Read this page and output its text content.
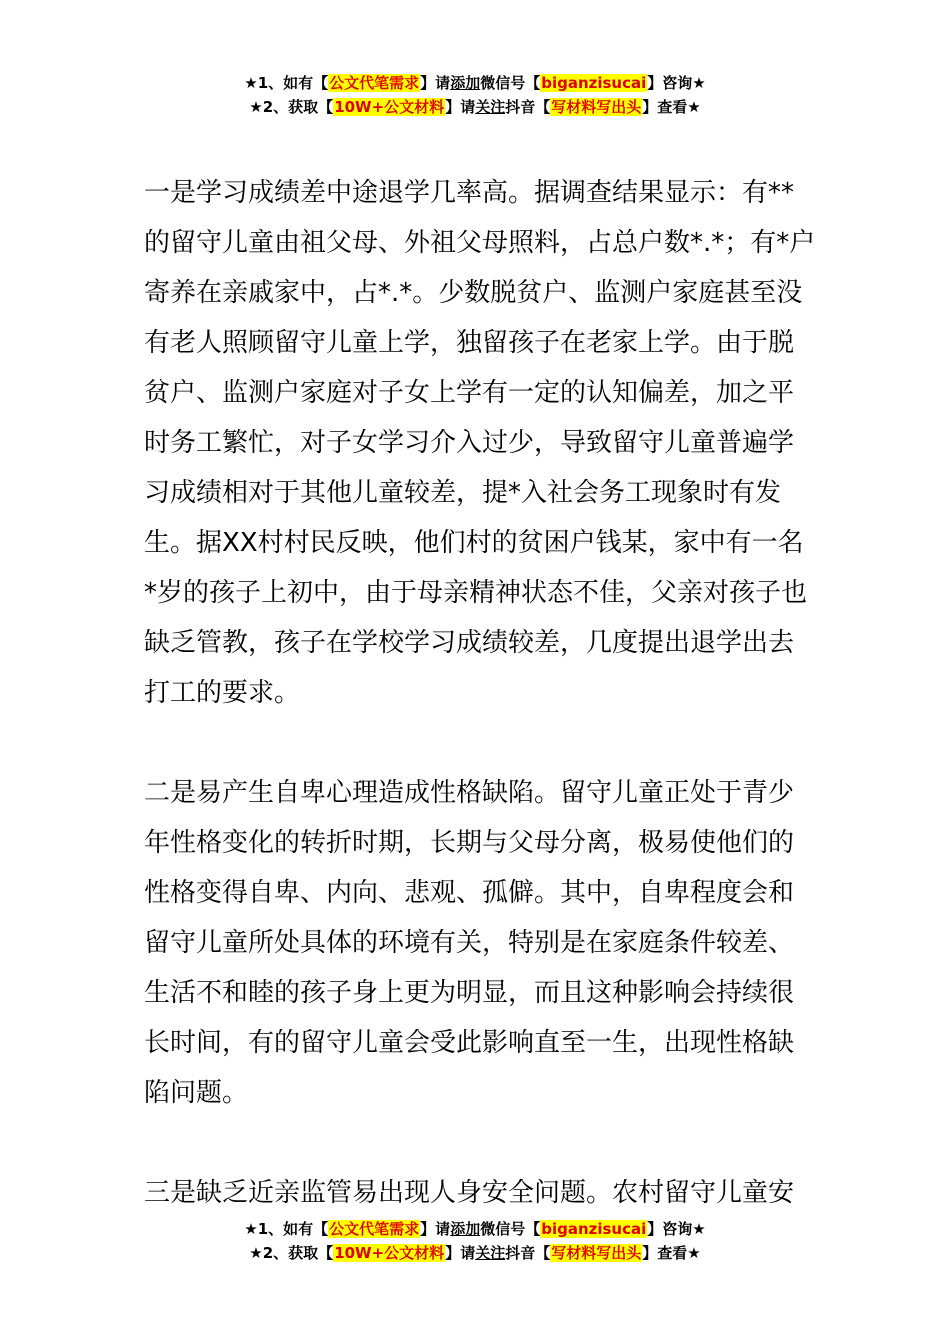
★1、如有【公文代笔需求】请添加微信号【biganzisucai】咨询★
★2、获取【10W+公文材料】请关注抖音【写材料写出头】查看★

一是学习成绩差中途退学几率高。据调查结果显示：有**的留守儿童由祖父母、外祖父母照料，占总户数*.*；有*户寄养在亲戚家中，占*.*。少数脱贫户、监测户家庭甚至没有老人照顾留守儿童上学，独留孩子在老家上学。由于脱贫户、监测户家庭对子女上学有一定的认知偏差，加之平时务工繁忙，对子女学习介入过少，导致留守儿童普遍学习成绩相对于其他儿童较差，提*入社会务工现象时有发生。据XX村村民反映，他们村的贫困户钱某，家中有一名*岁的孩子上初中，由于母亲精神状态不佳，父亲对孩子也缺乏管教，孩子在学校学习成绩较差，几度提出退学出去打工的要求。

二是易产生自卑心理造成性格缺陷。留守儿童正处于青少年性格变化的转折时期，长期与父母分离，极易使他们的性格变得自卑、内向、悲观、孤僻。其中，自卑程度会和留守儿童所处具体的环境有关，特别是在家庭条件较差、生活不和睦的孩子身上更为明显，而且这种影响会持续很长时间，有的留守儿童会受此影响直至一生，出现性格缺陷问题。

三是缺乏近亲监管易出现人身安全问题。农村留守儿童安

★1、如有【公文代笔需求】请添加微信号【biganzisucai】咨询★
★2、获取【10W+公文材料】请关注抖音【写材料写出头】查看★
